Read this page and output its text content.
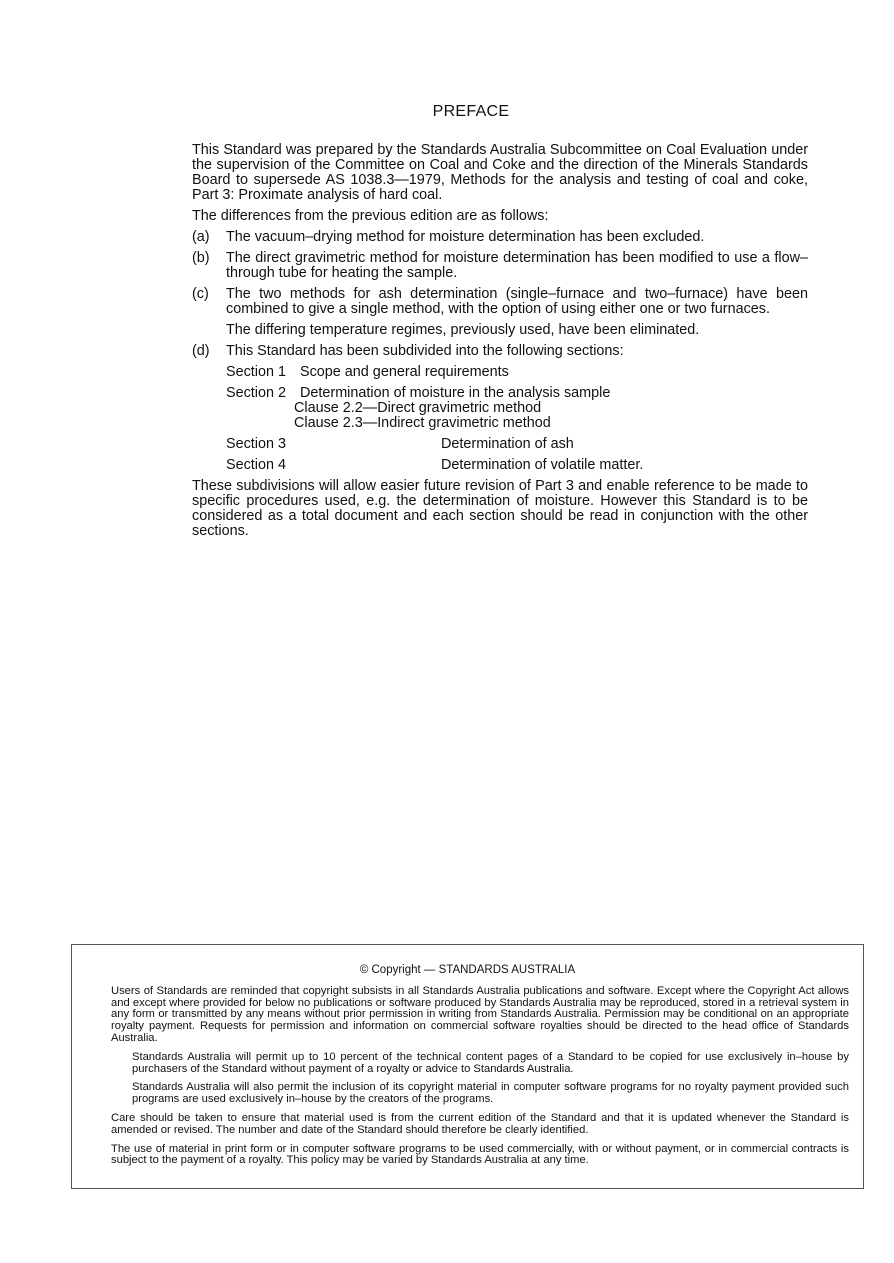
PREFACE

This Standard was prepared by the Standards Australia Subcommittee on Coal Evaluation under the supervision of the Committee on Coal and Coke and the direction of the Minerals Standards Board to supersede AS 1038.3—1979, Methods for the analysis and testing of coal and coke, Part 3: Proximate analysis of hard coal.

The differences from the previous edition are as follows:

(a) The vacuum–drying method for moisture determination has been excluded.
(b) The direct gravimetric method for moisture determination has been modified to use a flow–through tube for heating the sample.
(c) The two methods for ash determination (single–furnace and two–furnace) have been combined to give a single method, with the option of using either one or two furnaces.
The differing temperature regimes, previously used, have been eliminated.
(d) This Standard has been subdivided into the following sections:
Section 1 Scope and general requirements
Section 2 Determination of moisture in the analysis sample
Clause 2.2—Direct gravimetric method
Clause 2.3—Indirect gravimetric method
Section 3	Determination of ash
Section 4	Determination of volatile matter.

These subdivisions will allow easier future revision of Part 3 and enable reference to be made to specific procedures used, e.g. the determination of moisture. However this Standard is to be considered as a total document and each section should be read in conjunction with the other sections.

© Copyright — STANDARDS AUSTRALIA

Users of Standards are reminded that copyright subsists in all Standards Australia publications and software. Except where the Copyright Act allows and except where provided for below no publications or software produced by Standards Australia may be reproduced, stored in a retrieval system in any form or transmitted by any means without prior permission in writing from Standards Australia. Permission may be conditional on an appropriate royalty payment. Requests for permission and information on commercial software royalties should be directed to the head office of Standards Australia.

Standards Australia will permit up to 10 percent of the technical content pages of a Standard to be copied for use exclusively in–house by purchasers of the Standard without payment of a royalty or advice to Standards Australia.

Standards Australia will also permit the inclusion of its copyright material in computer software programs for no royalty payment provided such programs are used exclusively in–house by the creators of the programs.

Care should be taken to ensure that material used is from the current edition of the Standard and that it is updated whenever the Standard is amended or revised. The number and date of the Standard should therefore be clearly identified.

The use of material in print form or in computer software programs to be used commercially, with or without payment, or in commercial contracts is subject to the payment of a royalty. This policy may be varied by Standards Australia at any time.
